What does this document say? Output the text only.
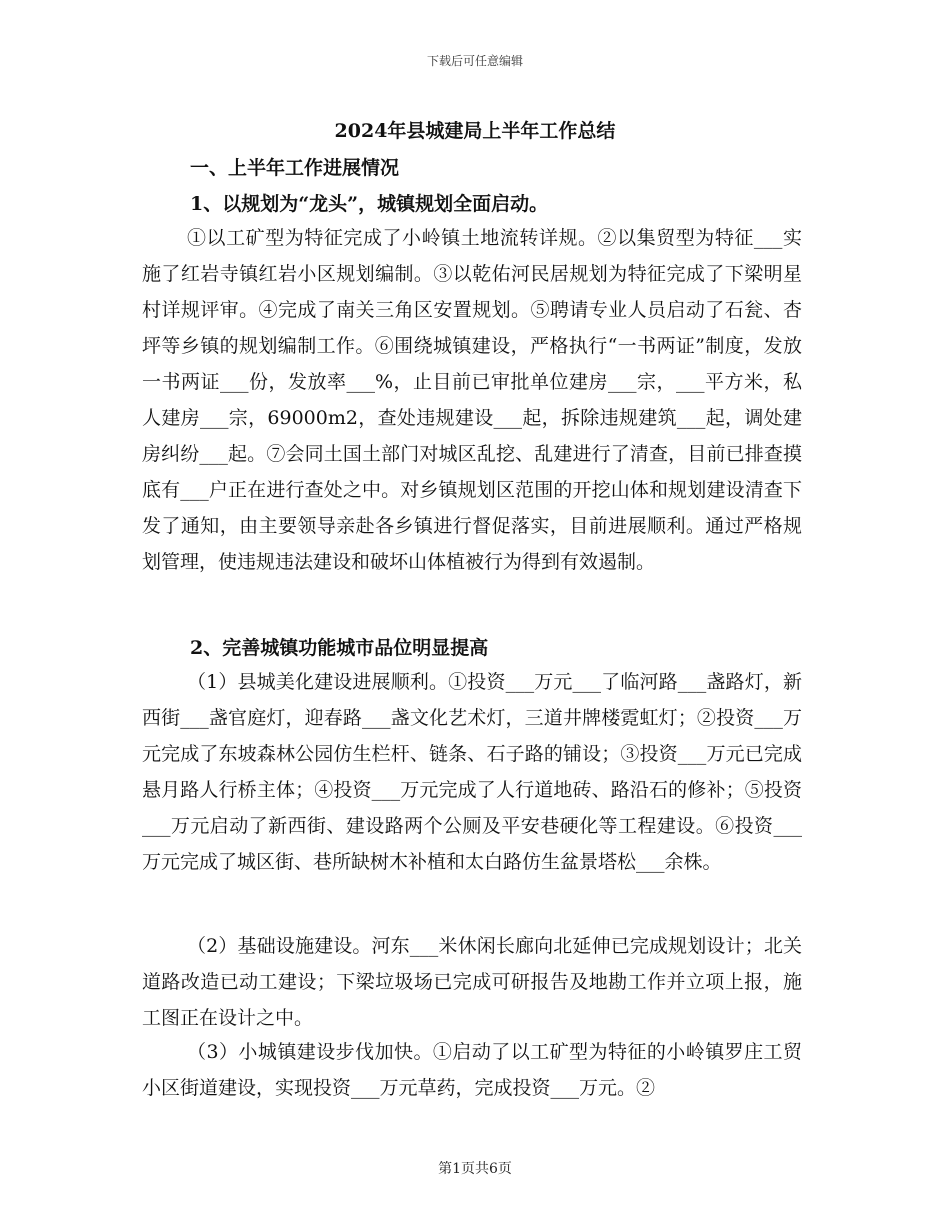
下载后可任意编辑
2024年县城建局上半年工作总结
一、上半年工作进展情况
1、以规划为“龙头”，城镇规划全面启动。
①以工矿型为特征完成了小岭镇土地流转详规。②以集贸型为特征___实施了红岩寺镇红岩小区规划编制。③以乾佑河民居规划为特征完成了下梁明星村详规评审。④完成了南关三角区安置规划。⑤聘请专业人员启动了石瓮、杏坪等乡镇的规划编制工作。⑥围绕城镇建设，严格执行“一书两证”制度，发放一书两证___份，发放率___%，止目前已审批单位建房___宗，___平方米，私人建房___宗，69000m2，查处违规建设___起，拆除违规建筑___起，调处建房纠纷___起。⑦会同土国土部门对城区乱挖、乱建进行了清查，目前已排查摸底有___户正在进行查处之中。对乡镇规划区范围的开挖山体和规划建设清查下发了通知，由主要领导亲赴各乡镇进行督促落实，目前进展顺利。通过严格规划管理，使违规违法建设和破坏山体植被行为得到有效遏制。
2、完善城镇功能城市品位明显提高
（1）县城美化建设进展顺利。①投资___万元___了临河路___盏路灯，新西街___盏官庭灯，迎春路___盏文化艺术灯，三道井牌楼霓虹灯；②投资___万元完成了东坡森林公园仿生栏杆、链条、石子路的铺设；③投资___万元已完成悬月路人行桥主体；④投资___万元完成了人行道地砖、路沿石的修补；⑤投资___万元启动了新西街、建设路两个公厕及平安巷硬化等工程建设。⑥投资___万元完成了城区街、巷所缺树木补植和太白路仿生盆景塔松___余株。
（2）基础设施建设。河东___米休闲长廊向北延伸已完成规划设计；北关道路改造已动工建设；下梁垃圾场已完成可研报告及地勘工作并立项上报，施工图正在设计之中。
（3）小城镇建设步伐加快。①启动了以工矿型为特征的小岭镇罗庄工贸小区街道建设，实现投资___万元草药，完成投资___万元。②
第1页共6页
